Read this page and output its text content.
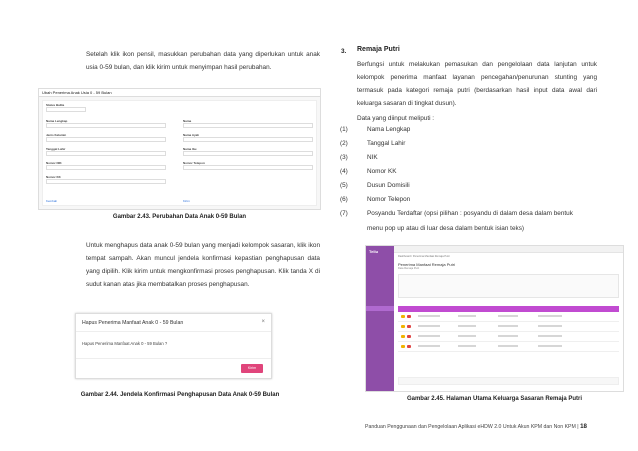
Setelah klik ikon pensil, masukkan perubahan data yang diperlukan untuk anak usia 0-59 bulan, dan klik kirim untuk menyimpan hasil perubahan.
Ubah Penerima Anak Usia 0 - 59 Bulan
Status Balita
Nama Lengkap	Nama
Jenis Kelamin	Nama Ayah
Tanggal Lahir	Nama Ibu
Nomor NIK	Nomor Telepon
Nomor KK
Kembali	Kirim
Gambar 2.43. Perubahan Data Anak 0-59 Bulan
Untuk menghapus data anak 0-59 bulan yang menjadi kelompok sasaran, klik ikon tempat sampah. Akan muncul jendela konfirmasi kepastian penghapusan data yang dipilih. Klik kirim untuk mengkonfirmasi proses penghapusan. Klik tanda X di sudut kanan atas jika membatalkan proses penghapusan.
Hapus Penerima Manfaat Anak 0 - 59 Bulan	×
Hapus Penerima Manfaat Anak 0 - 59 Bulan ?
Kirim
Gambar 2.44. Jendela Konfirmasi Penghapusan Data Anak 0-59 Bulan
3. Remaja Putri
Berfungsi untuk melakukan pemasukan dan pengelolaan data lanjutan untuk kelompok penerima manfaat layanan pencegahan/penurunan stunting yang termasuk pada kategori remaja putri (berdasarkan hasil input data awal dari keluarga sasaran di tingkat dusun).
Data yang diinput meliputi :
(1)	Nama Lengkap
(2)	Tanggal Lahir
(3)	NIK
(4)	Nomor KK
(5)	Dusun Domisili
(6)	Nomor Telepon
(7)	Posyandu Terdaftar (opsi pilihan : posyandu di dalam desa dalam bentuk
menu pop up atau di luar desa dalam bentuk isian teks)
Tellu
Dashboard / Penerima Manfaat Remaja Putri
Penerima Manfaat Remaja Putri
Data Remaja Putri
Gambar 2.45. Halaman Utama Keluarga Sasaran Remaja Putri
Panduan Penggunaan dan Pengelolaan Aplikasi eHDW 2.0 Untuk Akun KPM dan Non KPM | 18
